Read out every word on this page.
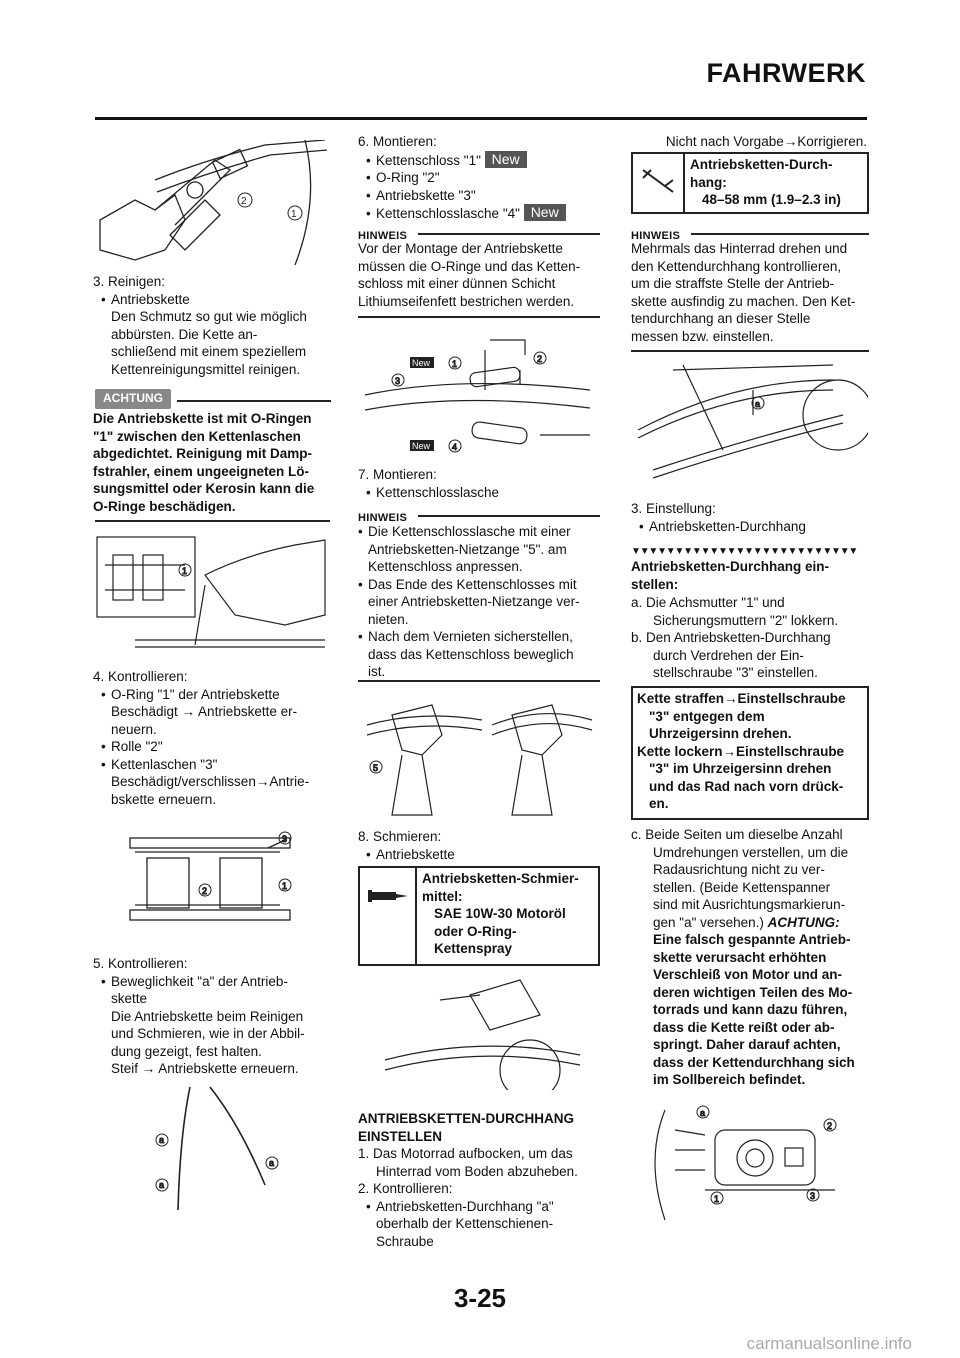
FAHRWERK
2
1

3. Reinigen:

• Antriebskette

Den Schmutz so gut wie möglich

abbürsten. Die Kette an-

schließend mit einem speziellem

Kettenreinigungsmittel reinigen.

ACHTUNG

Die Antriebskette ist mit O-Ringen

"1" zwischen den Kettenlaschen

abgedichtet. Reinigung mit Damp-

fstrahler, einem ungeeigneten Lö-

sungsmittel oder Kerosin kann die

O-Ringe beschädigen.

1

4. Kontrollieren:

• O-Ring "1" der Antriebskette

Beschädigt → Antriebskette er-

neuern.

• Rolle "2"

• Kettenlaschen "3"

Beschädigt/verschlissen→Antrie-

bskette erneuern.

3
2	1

5. Kontrollieren:

• Beweglichkeit "a" der Antrieb-

skette

Die Antriebskette beim Reinigen

und Schmieren, wie in der Abbil-

dung gezeigt, fest halten.

Steif → Antriebskette erneuern.

a
a
a

6. Montieren:

• Kettenschloss "1" New

• O-Ring "2"

• Antriebskette "3"

• Kettenschlosslasche "4" New

HINWEIS

Vor der Montage der Antriebskette

müssen die O-Ringe und das Ketten-

schloss mit einer dünnen Schicht

Lithiumseifenfett bestrichen werden.

New
New
1	2
3
4

7. Montieren:

• Kettenschlosslasche

HINWEIS

• Die Kettenschlosslasche mit einer

Antriebsketten-Nietzange "5". am

Kettenschloss anpressen.

• Das Ende des Kettenschlosses mit

einer Antriebsketten-Nietzange ver-

nieten.

• Nach dem Vernieten sicherstellen,

dass das Kettenschloss beweglich

ist.

5

8. Schmieren:

• Antriebskette

Antriebsketten-Schmier-

mittel:

SAE 10W-30 Motoröl

oder O-Ring-

Kettenspray

ANTRIEBSKETTEN-DURCHHANG

EINSTELLEN

1. Das Motorrad aufbocken, um das

Hinterrad vom Boden abzuheben.

2. Kontrollieren:

• Antriebsketten-Durchhang "a"

oberhalb der Kettenschienen-

Schraube

Nicht nach Vorgabe→Korrigieren.

Antriebsketten-Durch-

hang:

48–58 mm (1.9–2.3 in)

HINWEIS

Mehrmals das Hinterrad drehen und

den Kettendurchhang kontrollieren,

um die straffste Stelle der Antrieb-

skette ausfindig zu machen. Den Ket-

tendurchhang an dieser Stelle

messen bzw. einstellen.

a

3. Einstellung:

• Antriebsketten-Durchhang

▼▼▼▼▼▼▼▼▼▼▼▼▼▼▼▼▼▼▼▼▼▼▼▼▼▼

Antriebsketten-Durchhang ein-

stellen:

a. Die Achsmutter "1" und

Sicherungsmuttern "2" lokkern.

b. Den Antriebsketten-Durchhang

durch Verdrehen der Ein-

stellschraube "3" einstellen.

Kette straffen→Einstellschraube

"3" entgegen dem

Uhrzeigersinn drehen.

Kette lockern→Einstellschraube

"3" im Uhrzeigersinn drehen

und das Rad nach vorn drück-

en.

c. Beide Seiten um dieselbe Anzahl

Umdrehungen verstellen, um die

Radausrichtung nicht zu ver-

stellen. (Beide Kettenspanner

sind mit Ausrichtungsmarkierun-

gen "a" versehen.) ACHTUNG:

Eine falsch gespannte Antrieb-

skette verursacht erhöhten

Verschleiß von Motor und an-

deren wichtigen Teilen des Mo-

torrads und kann dazu führen,

dass die Kette reißt oder ab-

springt. Daher darauf achten,

dass der Kettendurchhang sich

im Sollbereich befindet.

a
2
1	3
3-25
carmanualsonline.info
